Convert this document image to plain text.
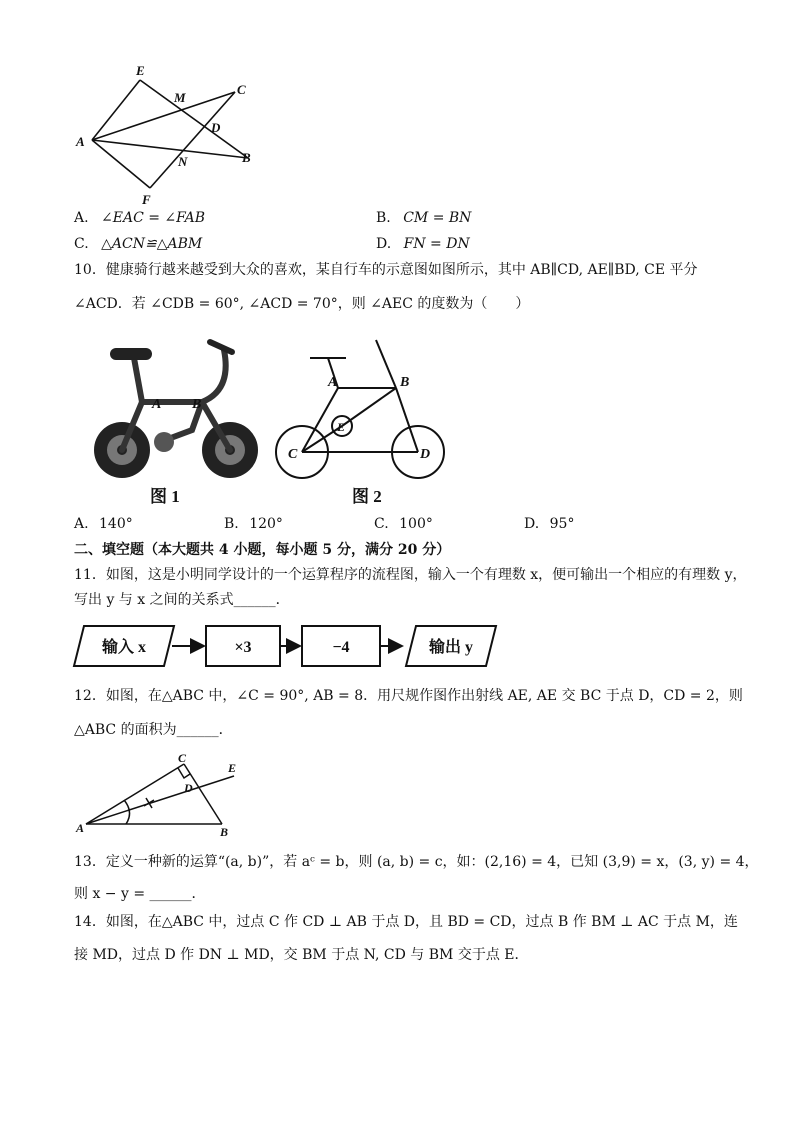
E
M
C
A
D
N	B
F
A. ∠EAC = ∠FAB	B. CM = BN
C. △ACN≌△ABM	D. FN = DN
10．健康骑行越来越受到大众的喜欢，某自行车的示意图如图所示，其中 AB∥CD, AE∥BD, CE 平分
∠ACD．若 ∠CDB = 60°, ∠ACD = 70°，则 ∠AEC 的度数为（　　）
A B
图 1
A	B
C	D
E
图 2
A. 140°	B. 120°	C. 100°	D. 95°
二、填空题（本大题共 4 小题，每小题 5 分，满分 20 分）
11．如图，这是小明同学设计的一个运算程序的流程图，输入一个有理数 x，便可输出一个相应的有理数 y，
写出 y 与 x 之间的关系式______．
输入 x	×3	−4	输出 y
12．如图，在△ABC 中，∠C = 90°, AB = 8．用尺规作图作出射线 AE, AE 交 BC 于点 D，CD = 2，则
△ABC 的面积为______．
A	B
C
D
E
13．定义一种新的运算“(a, b)”，若 aᶜ = b，则 (a, b) = c，如：(2,16) = 4，已知 (3,9) = x，(3, y) = 4，
则 x − y = ______．
14．如图，在△ABC 中，过点 C 作 CD ⊥ AB 于点 D，且 BD = CD，过点 B 作 BM ⊥ AC 于点 M，连
接 MD，过点 D 作 DN ⊥ MD，交 BM 于点 N, CD 与 BM 交于点 E．
